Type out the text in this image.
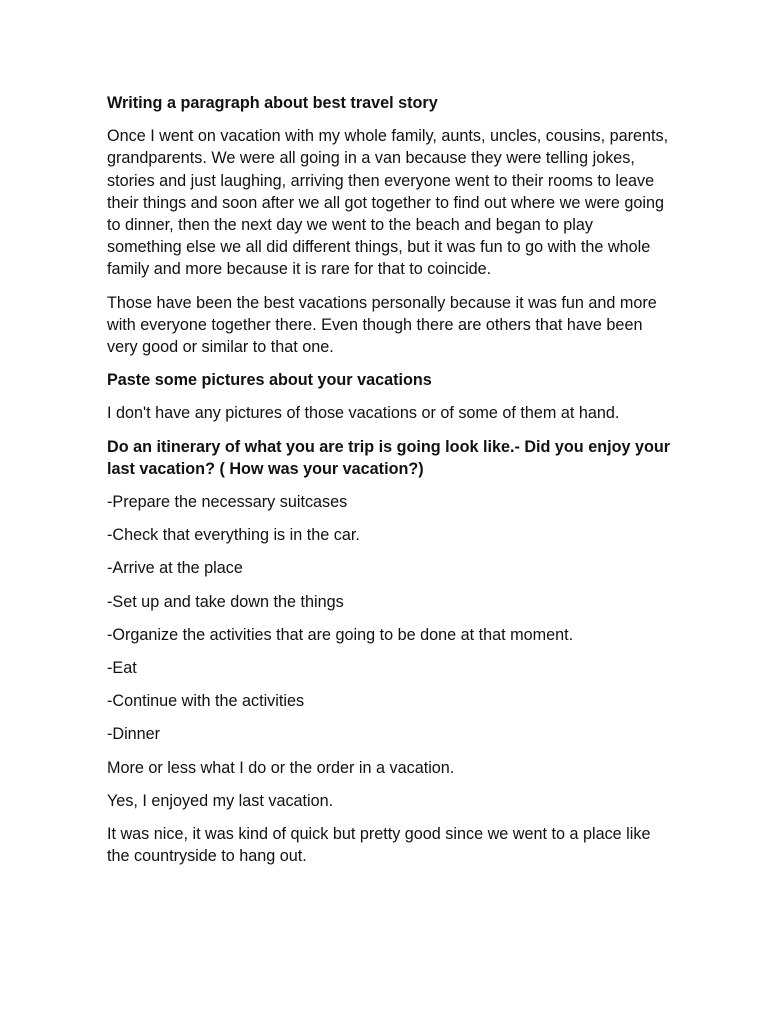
Writing a paragraph about best travel story

Once I went on vacation with my whole family, aunts, uncles, cousins, parents, grandparents. We were all going in a van because they were telling jokes, stories and just laughing, arriving then everyone went to their rooms to leave their things and soon after we all got together to find out where we were going to dinner, then the next day we went to the beach and began to play something else we all did different things, but it was fun to go with the whole family and more because it is rare for that to coincide.

Those have been the best vacations personally because it was fun and more with everyone together there. Even though there are others that have been very good or similar to that one.

Paste some pictures about your vacations

I don't have any pictures of those vacations or of some of them at hand.

Do an itinerary of what you are trip is going look like.- Did you enjoy your last vacation? ( How was your vacation?)

-Prepare the necessary suitcases

-Check that everything is in the car.

-Arrive at the place

-Set up and take down the things

-Organize the activities that are going to be done at that moment.

-Eat

-Continue with the activities

-Dinner

More or less what I do or the order in a vacation.

Yes, I enjoyed my last vacation.

It was nice, it was kind of quick but pretty good since we went to a place like the countryside to hang out.
